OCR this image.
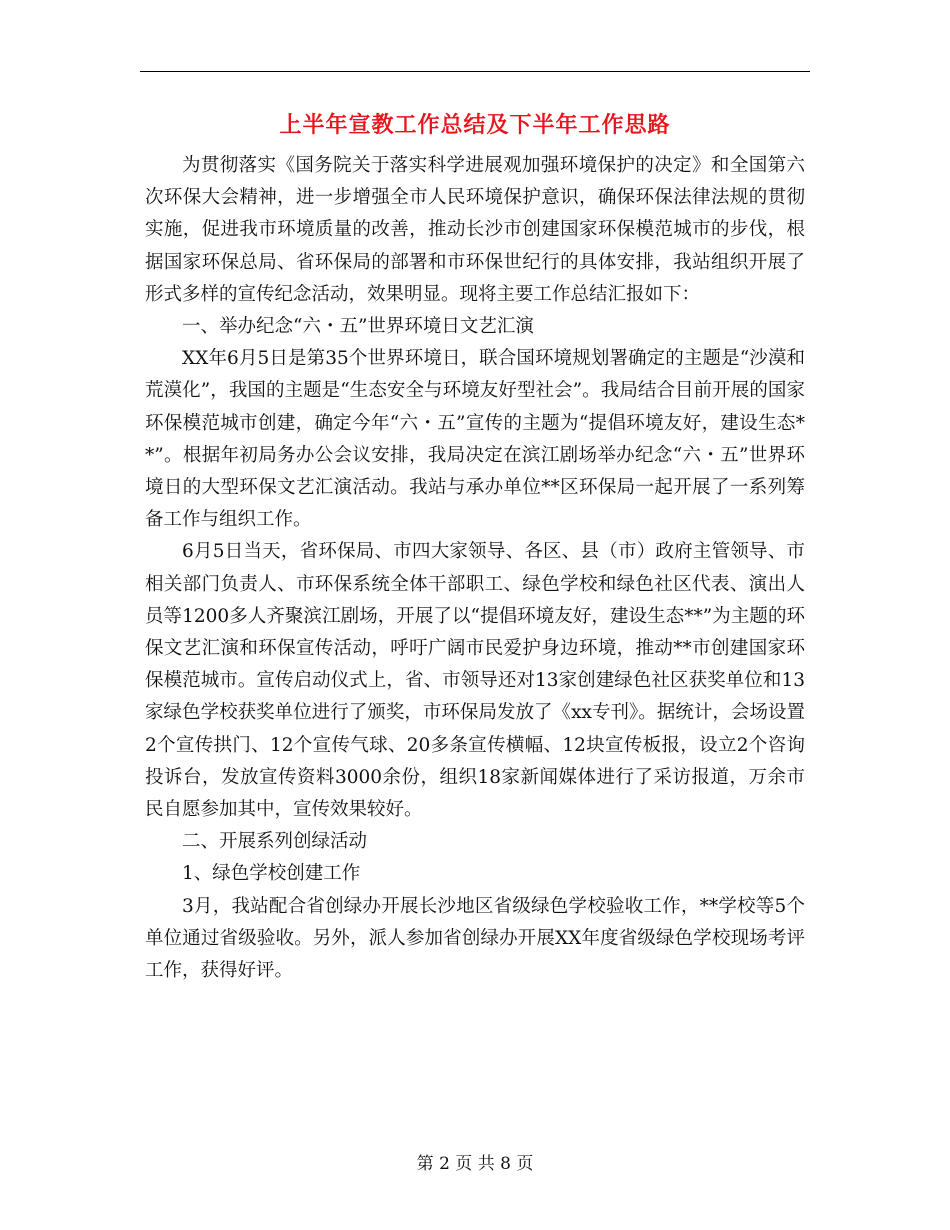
上半年宣教工作总结及下半年工作思路

为贯彻落实《国务院关于落实科学进展观加强环境保护的决定》和全国第六次环保大会精神，进一步增强全市人民环境保护意识，确保环保法律法规的贯彻实施，促进我市环境质量的改善，推动长沙市创建国家环保模范城市的步伐，根据国家环保总局、省环保局的部署和市环保世纪行的具体安排，我站组织开展了形式多样的宣传纪念活动，效果明显。现将主要工作总结汇报如下：

一、举办纪念“六・五”世界环境日文艺汇演

XX年6月5日是第35个世界环境日，联合国环境规划署确定的主题是“沙漠和荒漠化”，我国的主题是“生态安全与环境友好型社会”。我局结合目前开展的国家环保模范城市创建，确定今年“六・五”宣传的主题为“提倡环境友好，建设生态**”。根据年初局务办公会议安排，我局决定在滨江剧场举办纪念“六・五”世界环境日的大型环保文艺汇演活动。我站与承办单位**区环保局一起开展了一系列筹备工作与组织工作。

6月5日当天，省环保局、市四大家领导、各区、县（市）政府主管领导、市相关部门负责人、市环保系统全体干部职工、绿色学校和绿色社区代表、演出人员等1200多人齐聚滨江剧场，开展了以“提倡环境友好，建设生态**”为主题的环保文艺汇演和环保宣传活动，呼吁广阔市民爱护身边环境，推动**市创建国家环保模范城市。宣传启动仪式上，省、市领导还对13家创建绿色社区获奖单位和13家绿色学校获奖单位进行了颁奖，市环保局发放了《xx专刊》。据统计，会场设置2个宣传拱门、12个宣传气球、20多条宣传横幅、12块宣传板报，设立2个咨询投诉台，发放宣传资料3000余份，组织18家新闻媒体进行了采访报道，万余市民自愿参加其中，宣传效果较好。

二、开展系列创绿活动

1、绿色学校创建工作

3月，我站配合省创绿办开展长沙地区省级绿色学校验收工作，**学校等5个单位通过省级验收。另外，派人参加省创绿办开展XX年度省级绿色学校现场考评工作，获得好评。

第 2 页 共 8 页
